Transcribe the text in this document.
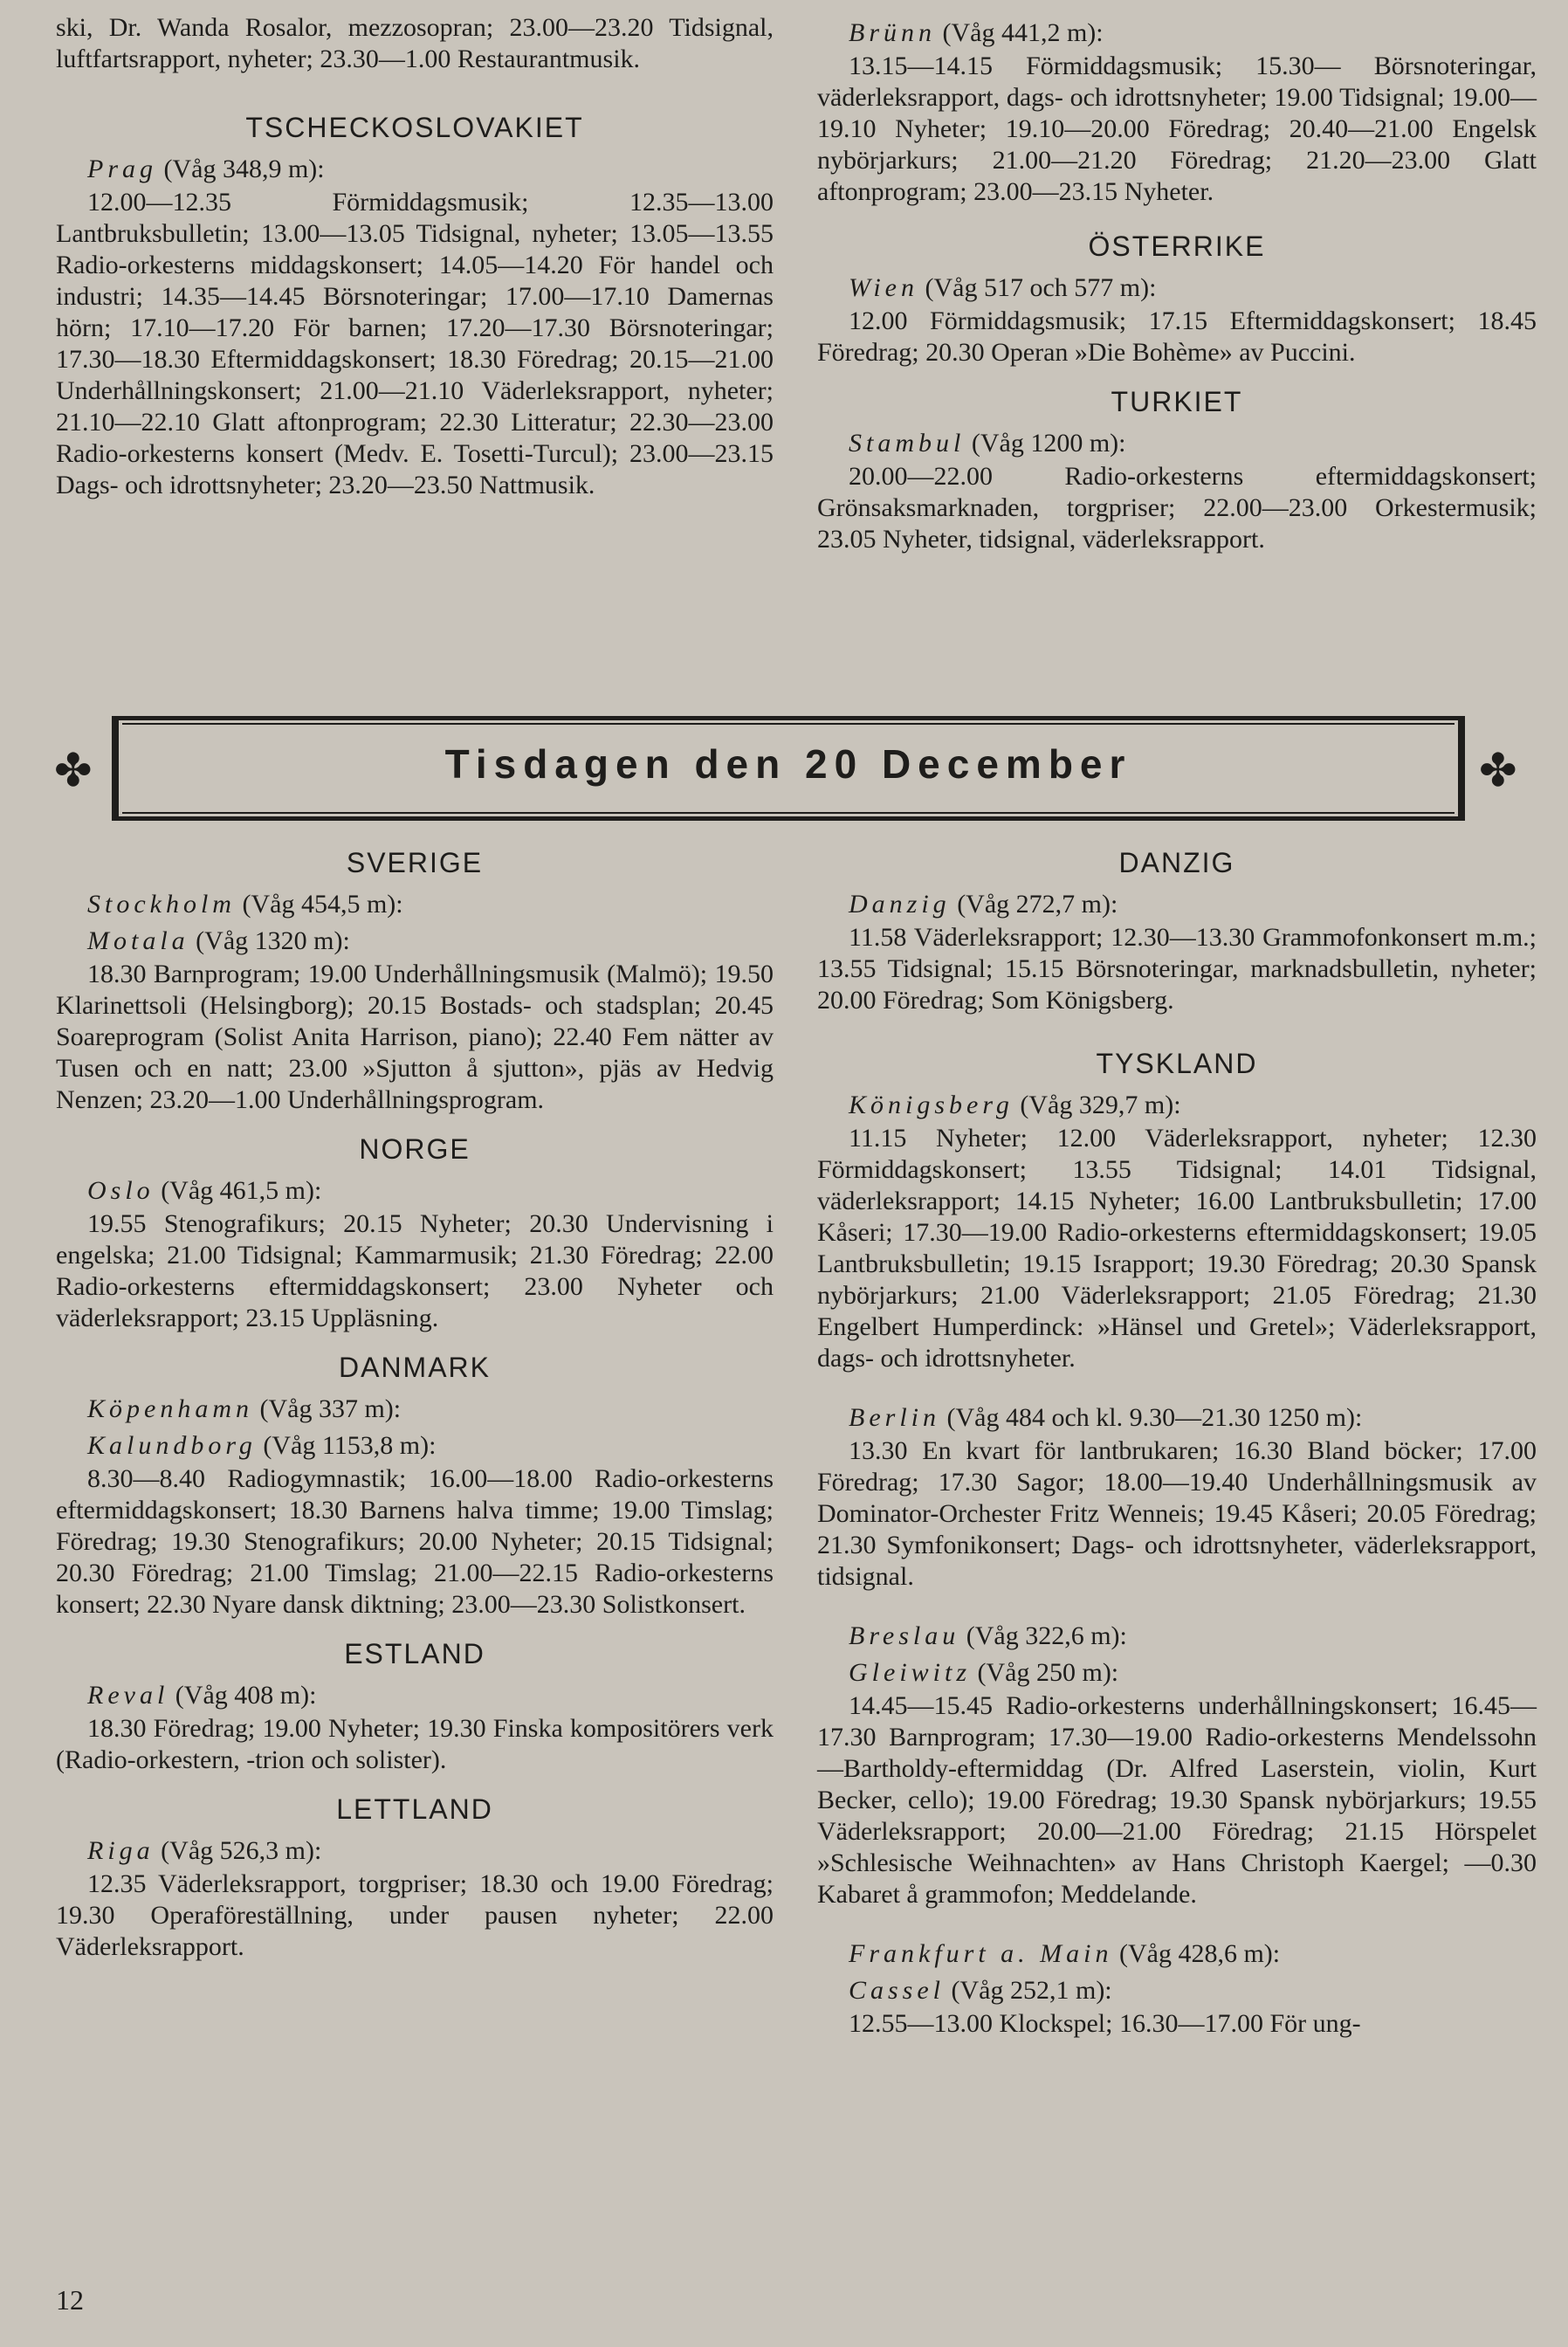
ski, Dr. Wanda Rosalor, mezzosopran; 23.00—23.20 Tidsignal, luftfartsrapport, nyheter; 23.30—1.00 Restaurantmusik.

TSCHECKOSLOVAKIET
Prag (Våg 348,9 m):

12.00—12.35 Förmiddagsmusik; 12.35—13.00 Lantbruksbulletin; 13.00—13.05 Tidsignal, nyheter; 13.05—13.55 Radio-orkesterns middagskonsert; 14.05—14.20 För handel och industri; 14.35—14.45 Börsnoteringar; 17.00—17.10 Damernas hörn; 17.10—17.20 För barnen; 17.20—17.30 Börsnoteringar; 17.30—18.30 Eftermiddagskonsert; 18.30 Föredrag; 20.15—21.00 Underhållningskonsert; 21.00—21.10 Väderleksrapport, nyheter; 21.10—22.10 Glatt aftonprogram; 22.30 Litteratur; 22.30—23.00 Radio-orkesterns konsert (Medv. E. Tosetti-Turcul); 23.00—23.15 Dags- och idrottsnyheter; 23.20—23.50 Nattmusik.

Brünn (Våg 441,2 m):

13.15—14.15 Förmiddagsmusik; 15.30— Börsnoteringar, väderleksrapport, dags- och idrottsnyheter; 19.00 Tidsignal; 19.00—19.10 Nyheter; 19.10—20.00 Föredrag; 20.40—21.00 Engelsk nybörjarkurs; 21.00—21.20 Föredrag; 21.20—23.00 Glatt aftonprogram; 23.00—23.15 Nyheter.

ÖSTERRIKE
Wien (Våg 517 och 577 m):

12.00 Förmiddagsmusik; 17.15 Eftermiddagskonsert; 18.45 Föredrag; 20.30 Operan »Die Bohème» av Puccini.

TURKIET
Stambul (Våg 1200 m):

20.00—22.00 Radio-orkesterns eftermiddagskonsert; Grönsaksmarknaden, torgpriser; 22.00—23.00 Orkestermusik; 23.05 Nyheter, tidsignal, väderleksrapport.

✤	Tisdagen den 20 December	✤
SVERIGE
Stockholm (Våg 454,5 m):
Motala (Våg 1320 m):

18.30 Barnprogram; 19.00 Underhållningsmusik (Malmö); 19.50 Klarinettsoli (Helsingborg); 20.15 Bostads- och stadsplan; 20.45 Soareprogram (Solist Anita Harrison, piano); 22.40 Fem nätter av Tusen och en natt; 23.00 »Sjutton å sjutton», pjäs av Hedvig Nenzen; 23.20—1.00 Underhållningsprogram.

NORGE
Oslo (Våg 461,5 m):

19.55 Stenografikurs; 20.15 Nyheter; 20.30 Undervisning i engelska; 21.00 Tidsignal; Kammarmusik; 21.30 Föredrag; 22.00 Radio-orkesterns eftermiddagskonsert; 23.00 Nyheter och väderleksrapport; 23.15 Uppläsning.

DANMARK
Köpenhamn (Våg 337 m):
Kalundborg (Våg 1153,8 m):

8.30—8.40 Radiogymnastik; 16.00—18.00 Radio-orkesterns eftermiddagskonsert; 18.30 Barnens halva timme; 19.00 Timslag; Föredrag; 19.30 Stenografikurs; 20.00 Nyheter; 20.15 Tidsignal; 20.30 Föredrag; 21.00 Timslag; 21.00—22.15 Radio-orkesterns konsert; 22.30 Nyare dansk diktning; 23.00—23.30 Solistkonsert.

ESTLAND
Reval (Våg 408 m):

18.30 Föredrag; 19.00 Nyheter; 19.30 Finska kompositörers verk (Radio-orkestern, -trion och solister).

LETTLAND
Riga (Våg 526,3 m):

12.35 Väderleksrapport, torgpriser; 18.30 och 19.00 Föredrag; 19.30 Operaföreställning, under pausen nyheter; 22.00 Väderleksrapport.

DANZIG
Danzig (Våg 272,7 m):

11.58 Väderleksrapport; 12.30—13.30 Grammofonkonsert m.m.; 13.55 Tidsignal; 15.15 Börsnoteringar, marknadsbulletin, nyheter; 20.00 Föredrag; Som Königsberg.

TYSKLAND
Königsberg (Våg 329,7 m):

11.15 Nyheter; 12.00 Väderleksrapport, nyheter; 12.30 Förmiddagskonsert; 13.55 Tidsignal; 14.01 Tidsignal, väderleksrapport; 14.15 Nyheter; 16.00 Lantbruksbulletin; 17.00 Kåseri; 17.30—19.00 Radio-orkesterns eftermiddagskonsert; 19.05 Lantbruksbulletin; 19.15 Israpport; 19.30 Föredrag; 20.30 Spansk nybörjarkurs; 21.00 Väderleksrapport; 21.05 Föredrag; 21.30 Engelbert Humperdinck: »Hänsel und Gretel»; Väderleksrapport, dags- och idrottsnyheter.

Berlin (Våg 484 och kl. 9.30—21.30 1250 m):

13.30 En kvart för lantbrukaren; 16.30 Bland böcker; 17.00 Föredrag; 17.30 Sagor; 18.00—19.40 Underhållningsmusik av Dominator-Orchester Fritz Wenneis; 19.45 Kåseri; 20.05 Föredrag; 21.30 Symfonikonsert; Dags- och idrottsnyheter, väderleksrapport, tidsignal.

Breslau (Våg 322,6 m):
Gleiwitz (Våg 250 m):

14.45—15.45 Radio-orkesterns underhållningskonsert; 16.45—17.30 Barnprogram; 17.30—19.00 Radio-orkesterns Mendelssohn—Bartholdy-eftermiddag (Dr. Alfred Laserstein, violin, Kurt Becker, cello); 19.00 Föredrag; 19.30 Spansk nybörjarkurs; 19.55 Väderleksrapport; 20.00—21.00 Föredrag; 21.15 Hörspelet »Schlesische Weihnachten» av Hans Christoph Kaergel; —0.30 Kabaret å grammofon; Meddelande.

Frankfurt a. Main (Våg 428,6 m):
Cassel (Våg 252,1 m):

12.55—13.00 Klockspel; 16.30—17.00 För ung-

12
